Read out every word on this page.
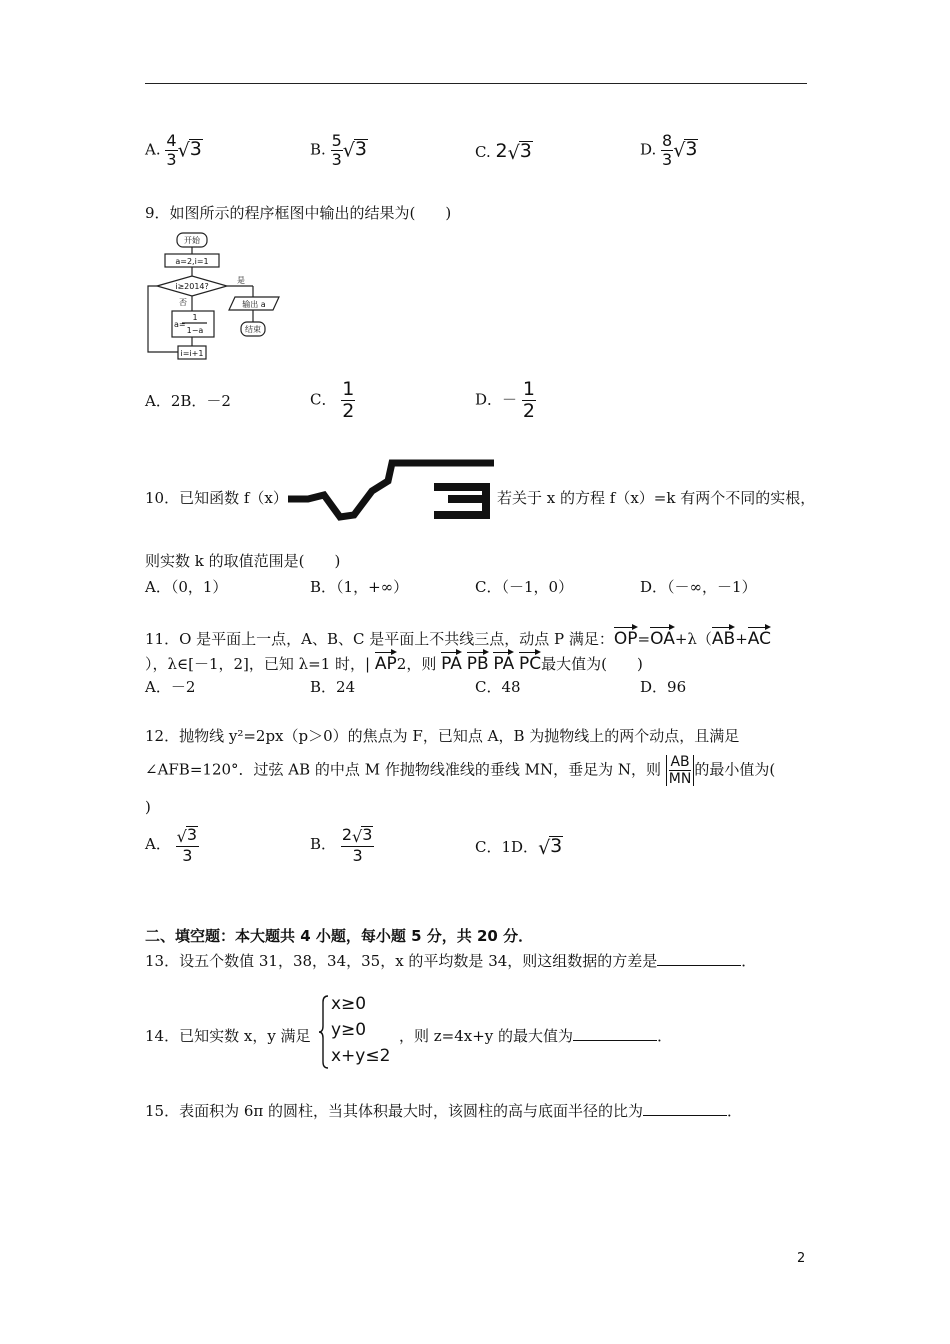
A. $\frac{4}{3} √3$	B. $\frac{5}{3} √3$	C. 2√3	D. $\frac{8}{3} √3$
9．如图所示的程序框图中输出的结果为(　　)
开始
a=2,i=1
i≥2014?
是
否	输出 a
结束
a=
1
1−a
i=i+1
A．2B．－2	C． $\frac{1}{2}$	D．－ $\frac{1}{2}$
10．已知函数 f（x）=	若关于 x 的方程 f（x）=k 有两个不同的实根，
则实数 k 的取值范围是(　　)
A．（0，1）	B．（1，+∞）	C．（－1，0）	D．（－∞，－1）
11．O 是平面上一点，A、B、C 是平面上不共线三点，动点 P 满足：OP=OA+λ（AB+AC
），λ∈[－1，2]，已知 λ=1 时，| AP2，则 PA PB PA PC最大值为(　　)
A．－2	B．24	C．48	D．96
12．抛物线 y²=2px（p＞0）的焦点为 F，已知点 A，B 为抛物线上的两个动点，且满足
∠AFB=120°．过弦 AB 的中点 M 作抛物线准线的垂线 MN，垂足为 N，则 $\frac{AB}{MN}$ 的最小值为(
)
A． $\frac{√3}{3}$	B． $\frac{2√3}{3}$	C．1D．√3
二、填空题：本大题共 4 小题，每小题 5 分，共 20 分．
13．设五个数值 31，38，34，35，x 的平均数是 34，则这组数据的方差是	．
14．已知实数 x，y 满足
x≥0
y≥0
x+y≤2
，则 z=4x+y 的最大值为	．
15．表面积为 6π 的圆柱，当其体积最大时，该圆柱的高与底面半径的比为	．
2
